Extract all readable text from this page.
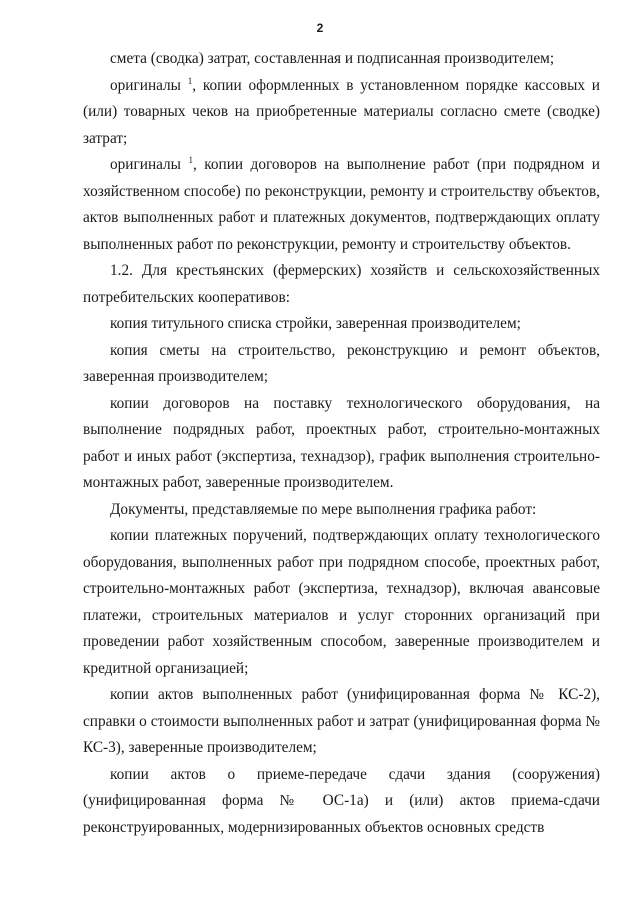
2

смета (сводка) затрат, составленная и подписанная производителем;

оригиналы $^1$, копии оформленных в установленном порядке кассовых и (или) товарных чеков на приобретенные материалы согласно смете (сводке) затрат;

оригиналы $^1$, копии договоров на выполнение работ (при подрядном и хозяйственном способе) по реконструкции, ремонту и строительству объектов, актов выполненных работ и платежных документов, подтверждающих оплату выполненных работ по реконструкции, ремонту и строительству объектов.

1.2. Для крестьянских (фермерских) хозяйств и сельскохозяйственных потребительских кооперативов:

копия титульного списка стройки, заверенная производителем;

копия сметы на строительство, реконструкцию и ремонт объектов, заверенная производителем;

копии договоров на поставку технологического оборудования, на выполнение подрядных работ, проектных работ, строительно-монтажных работ и иных работ (экспертиза, технадзор), график выполнения строительно-монтажных работ, заверенные производителем.

Документы, представляемые по мере выполнения графика работ:

копии платежных поручений, подтверждающих оплату технологического оборудования, выполненных работ при подрядном способе, проектных работ, строительно-монтажных работ (экспертиза, технадзор), включая авансовые платежи, строительных материалов и услуг сторонних организаций при проведении работ хозяйственным способом, заверенные производителем и кредитной организацией;

копии актов выполненных работ (унифицированная форма № КС-2), справки о стоимости выполненных работ и затрат (унифицированная форма № КС-3), заверенные производителем;

копии актов о приеме-передаче сдачи здания (сооружения) (унифицированная форма № ОС-1а) и (или) актов приема-сдачи реконструированных, модернизированных объектов основных средств
